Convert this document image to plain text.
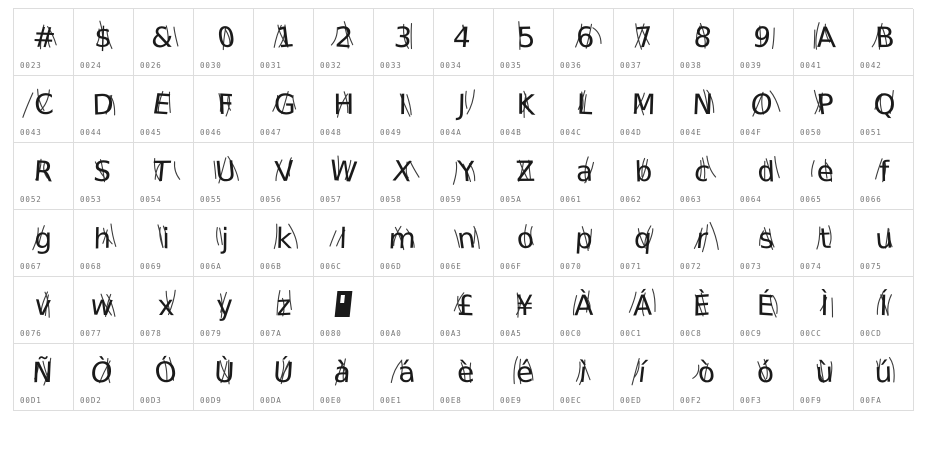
#
0023
$
0024
&
0026
0
0030
1
0031
2
0032
3
0033
4
0034
5
0035
6
0036
7
0037
8
0038
9
0039
A
0041
B
0042
C
0043
D
0044
E
0045
F
0046
G
0047
H
0048
I
0049
J
004A
K
004B
L
004C
M
004D
N
004E
O
004F
P
0050
Q
0051
R
0052
S
0053
T
0054
U
0055
V
0056
W
0057
X
0058
Y
0059
Z
005A
a
0061
b
0062
c
0063
d
0064
e
0065
f
0066
g
0067
h
0068
i
0069
j
006A
k
006B
l
006C
m
006D
n
006E
o
006F
p
0070
q
0071
r
0072
s
0073
t
0074
u
0075
v
0076
w
0077
x
0078
y
0079
z
007A	0080	00A0
£
00A3
¥
00A5
À
00C0
Á
00C1
È
00C8
É
00C9
Ì
00CC
Í
00CD
Ñ
00D1
Ò
00D2
Ó
00D3
Ù
00D9
Ú
00DA
à
00E0
á
00E1
è
00E8
é
00E9
ì
00EC
í
00ED
ò
00F2
ó
00F3
ù
00F9
ú
00FA
